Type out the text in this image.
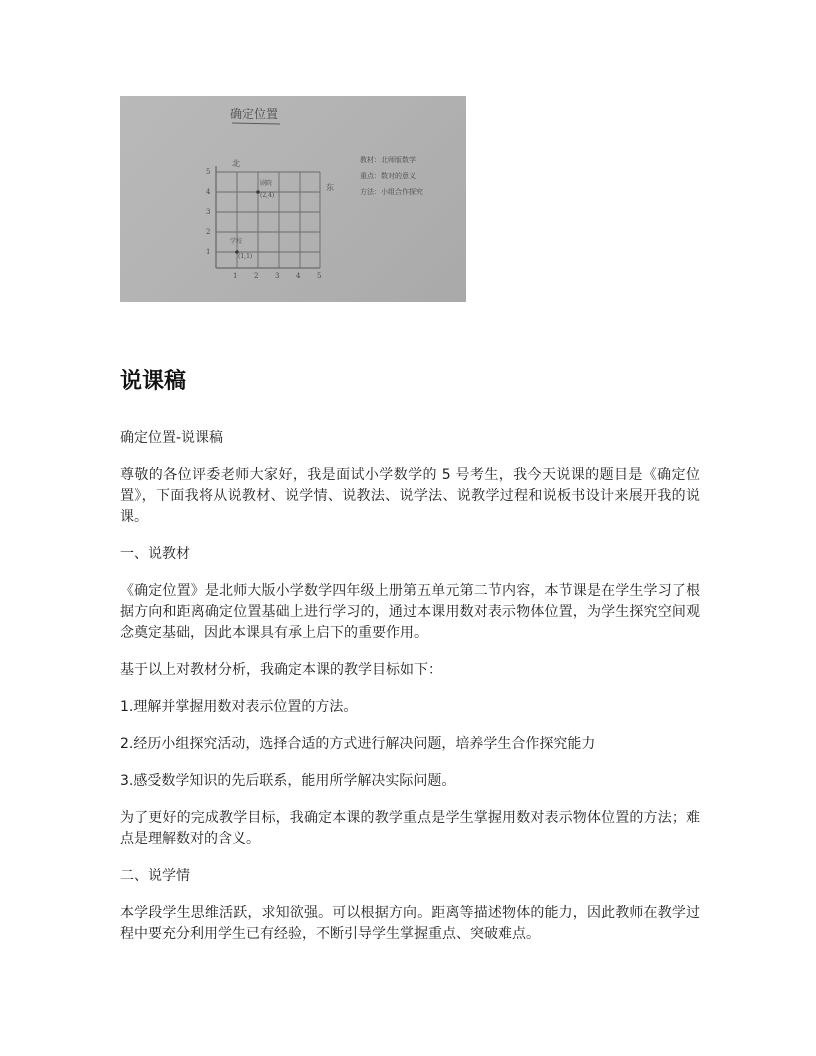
确定位置
5
4
3
2
1
1 2 3 4 5
北
东
剧院
(2,4)
学校
(1,1)
教材：北师版数学
重点：数对的意义
方法：小组合作探究
说课稿

确定位置-说课稿

尊敬的各位评委老师大家好，我是面试小学数学的 5 号考生，我今天说课的题目是《确定位置》，下面我将从说教材、说学情、说教法、说学法、说教学过程和说板书设计来展开我的说课。

一、说教材

《确定位置》是北师大版小学数学四年级上册第五单元第二节内容，本节课是在学生学习了根据方向和距离确定位置基础上进行学习的，通过本课用数对表示物体位置，为学生探究空间观念奠定基础，因此本课具有承上启下的重要作用。

基于以上对教材分析，我确定本课的教学目标如下：

1.理解并掌握用数对表示位置的方法。

2.经历小组探究活动，选择合适的方式进行解决问题，培养学生合作探究能力

3.感受数学知识的先后联系，能用所学解决实际问题。

为了更好的完成教学目标，我确定本课的教学重点是学生掌握用数对表示物体位置的方法；难点是理解数对的含义。

二、说学情

本学段学生思维活跃，求知欲强。可以根据方向。距离等描述物体的能力，因此教师在教学过程中要充分利用学生已有经验，不断引导学生掌握重点、突破难点。
